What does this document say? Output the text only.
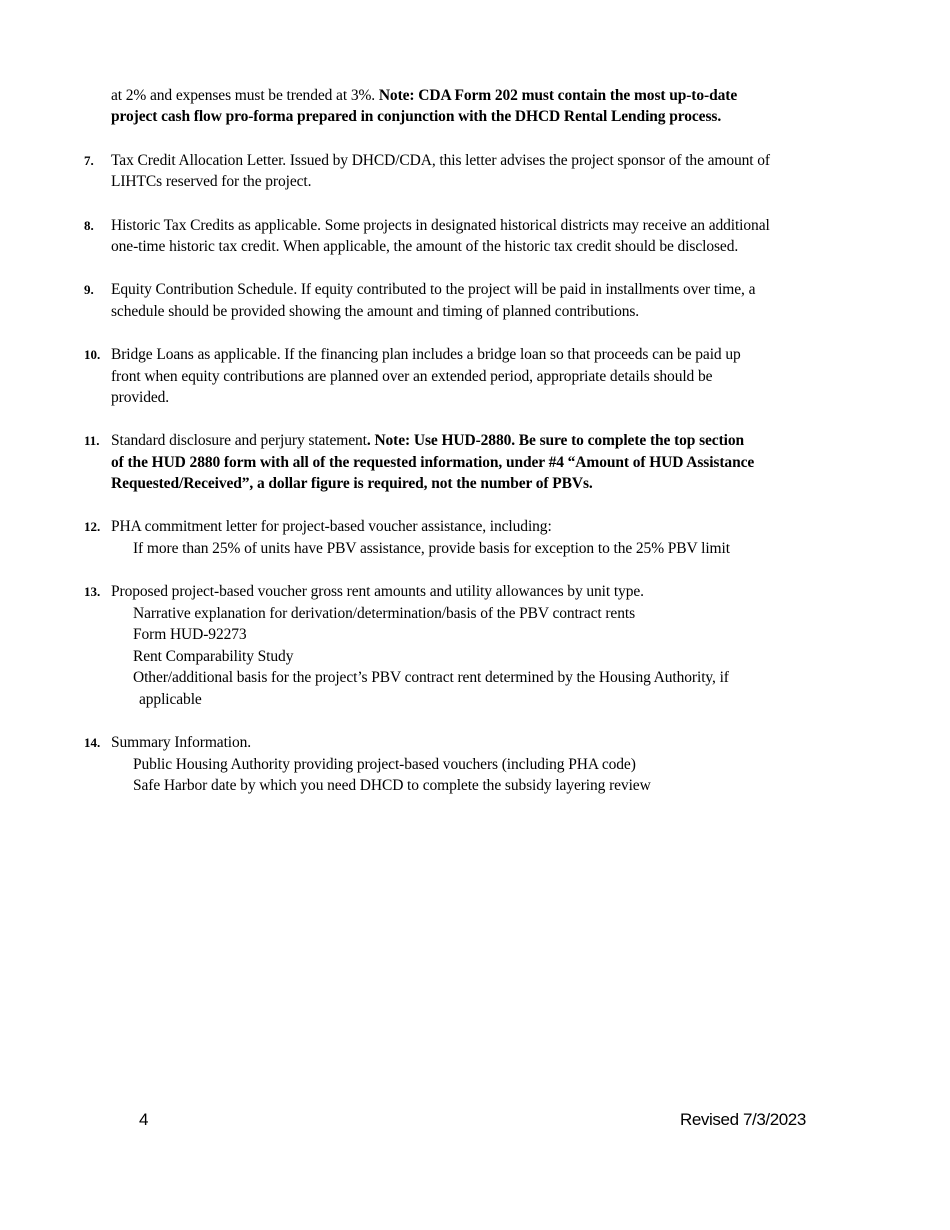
at 2% and expenses must be trended at 3%. Note: CDA Form 202 must contain the most up-to-date
project cash flow pro-forma prepared in conjunction with the DHCD Rental Lending process.
7. Tax Credit Allocation Letter. Issued by DHCD/CDA, this letter advises the project sponsor of the amount of
LIHTCs reserved for the project.
8. Historic Tax Credits as applicable. Some projects in designated historical districts may receive an additional
one-time historic tax credit. When applicable, the amount of the historic tax credit should be disclosed.
9. Equity Contribution Schedule. If equity contributed to the project will be paid in installments over time, a
schedule should be provided showing the amount and timing of planned contributions.
10. Bridge Loans as applicable. If the financing plan includes a bridge loan so that proceeds can be paid up
front when equity contributions are planned over an extended period, appropriate details should be
provided.
11. Standard disclosure and perjury statement. Note: Use HUD-2880. Be sure to complete the top section
of the HUD 2880 form with all of the requested information, under #4 “Amount of HUD Assistance
Requested/Received”, a dollar figure is required, not the number of PBVs.
12. PHA commitment letter for project-based voucher assistance, including:
If more than 25% of units have PBV assistance, provide basis for exception to the 25% PBV limit
13. Proposed project-based voucher gross rent amounts and utility allowances by unit type.
Narrative explanation for derivation/determination/basis of the PBV contract rents
Form HUD-92273
Rent Comparability Study
Other/additional basis for the project’s PBV contract rent determined by the Housing Authority, if
applicable
14. Summary Information.
Public Housing Authority providing project-based vouchers (including PHA code)
Safe Harbor date by which you need DHCD to complete the subsidy layering review
4	Revised 7/3/2023
